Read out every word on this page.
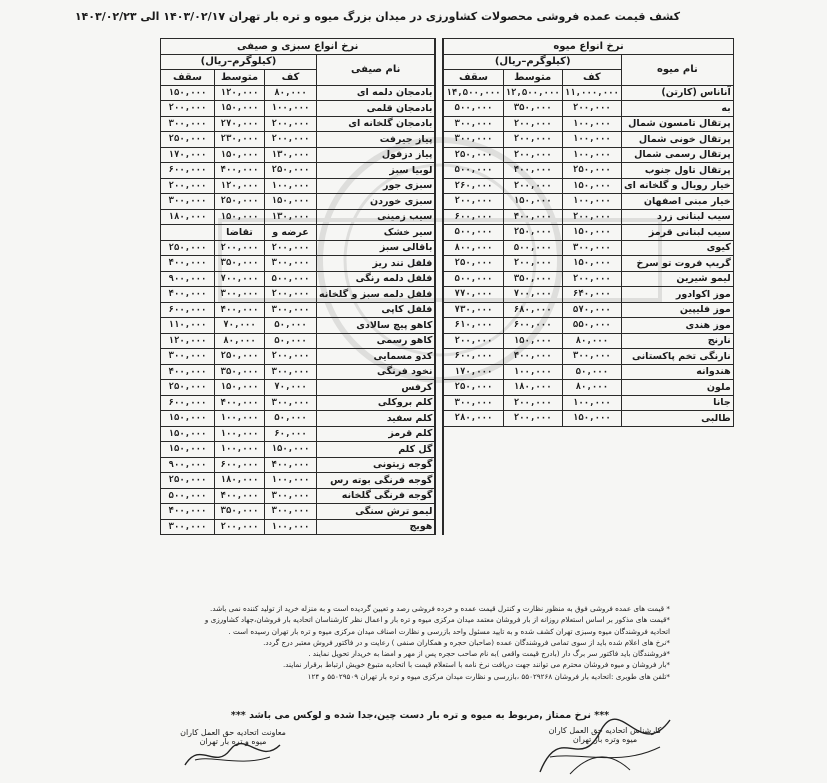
کشف قیمت عمده فروشی محصولات کشاورزی در میدان بزرگ میوه و تره بار تهران ۱۴۰۳/۰۲/۱۷ الی ۱۴۰۳/۰۲/۲۳
نرخ انواع میوه					نرخ انواع سبزی و صیفی			
نام میوه	(کیلوگرم–ریال)				نام صیفی	(کیلوگرم–ریال)		
	کف	متوسط	سقف			کف	متوسط	سقف
آناناس (کارتن)	۱۱,۰۰۰,۰۰۰	۱۲,۵۰۰,۰۰۰	۱۴,۵۰۰,۰۰۰		بادمجان دلمه ای	۸۰,۰۰۰	۱۲۰,۰۰۰	۱۵۰,۰۰۰
به	۲۰۰,۰۰۰	۳۵۰,۰۰۰	۵۰۰,۰۰۰		بادمجان قلمی	۱۰۰,۰۰۰	۱۵۰,۰۰۰	۲۰۰,۰۰۰
پرتقال تامسون شمال	۱۰۰,۰۰۰	۲۰۰,۰۰۰	۳۰۰,۰۰۰		بادمجان گلخانه ای	۲۰۰,۰۰۰	۲۷۰,۰۰۰	۳۰۰,۰۰۰
پرتقال خونی شمال	۱۰۰,۰۰۰	۲۰۰,۰۰۰	۳۰۰,۰۰۰		پیاز جیرفت	۲۰۰,۰۰۰	۲۳۰,۰۰۰	۲۵۰,۰۰۰
پرتقال رسمی شمال	۱۰۰,۰۰۰	۲۰۰,۰۰۰	۲۵۰,۰۰۰		پیاز دزفول	۱۳۰,۰۰۰	۱۵۰,۰۰۰	۱۷۰,۰۰۰
پرتقال تاول جنوب	۲۵۰,۰۰۰	۴۰۰,۰۰۰	۵۰۰,۰۰۰		لوبیا سبز	۲۵۰,۰۰۰	۴۰۰,۰۰۰	۶۰۰,۰۰۰
خیار رویال و گلخانه ای	۱۵۰,۰۰۰	۲۰۰,۰۰۰	۲۶۰,۰۰۰		سبزی جور	۱۰۰,۰۰۰	۱۲۰,۰۰۰	۲۰۰,۰۰۰
خیار مبنی اصفهان	۱۰۰,۰۰۰	۱۵۰,۰۰۰	۲۰۰,۰۰۰		سبزی خوردن	۱۵۰,۰۰۰	۲۵۰,۰۰۰	۳۰۰,۰۰۰
سیب لبنانی زرد	۲۰۰,۰۰۰	۴۰۰,۰۰۰	۶۰۰,۰۰۰		سیب زمینی	۱۳۰,۰۰۰	۱۵۰,۰۰۰	۱۸۰,۰۰۰
سیب لبنانی قرمز	۱۵۰,۰۰۰	۲۵۰,۰۰۰	۵۰۰,۰۰۰		سیر خشک	عرضه و	تقاضا	
کیوی	۳۰۰,۰۰۰	۵۰۰,۰۰۰	۸۰۰,۰۰۰		باقالی سبز	۲۰۰,۰۰۰	۲۰۰,۰۰۰	۲۵۰,۰۰۰
گریپ فروت تو سرخ	۱۵۰,۰۰۰	۲۰۰,۰۰۰	۲۵۰,۰۰۰		فلفل تند ریز	۳۰۰,۰۰۰	۳۵۰,۰۰۰	۴۰۰,۰۰۰
لیمو شیرین	۲۰۰,۰۰۰	۳۵۰,۰۰۰	۵۰۰,۰۰۰		فلفل دلمه رنگی	۵۰۰,۰۰۰	۷۰۰,۰۰۰	۹۰۰,۰۰۰
موز اکوادور	۶۴۰,۰۰۰	۷۰۰,۰۰۰	۷۷۰,۰۰۰		فلفل دلمه سبز و گلخانه	۲۰۰,۰۰۰	۳۰۰,۰۰۰	۴۰۰,۰۰۰
موز فلیپین	۵۷۰,۰۰۰	۶۸۰,۰۰۰	۷۳۰,۰۰۰		فلفل کاپی	۳۰۰,۰۰۰	۴۰۰,۰۰۰	۶۰۰,۰۰۰
موز هندی	۵۵۰,۰۰۰	۶۰۰,۰۰۰	۶۱۰,۰۰۰		کاهو پیچ سالادی	۵۰,۰۰۰	۷۰,۰۰۰	۱۱۰,۰۰۰
نارنج	۸۰,۰۰۰	۱۵۰,۰۰۰	۲۰۰,۰۰۰		کاهو رسمی	۵۰,۰۰۰	۸۰,۰۰۰	۱۲۰,۰۰۰
نارنگی تخم پاکستانی	۳۰۰,۰۰۰	۴۰۰,۰۰۰	۶۰۰,۰۰۰		کدو مسمایی	۲۰۰,۰۰۰	۲۵۰,۰۰۰	۳۰۰,۰۰۰
هندوانه	۵۰,۰۰۰	۱۰۰,۰۰۰	۱۷۰,۰۰۰		نخود فرنگی	۳۰۰,۰۰۰	۳۵۰,۰۰۰	۴۰۰,۰۰۰
ملون	۸۰,۰۰۰	۱۸۰,۰۰۰	۲۵۰,۰۰۰		کرفس	۷۰,۰۰۰	۱۵۰,۰۰۰	۲۵۰,۰۰۰
جانا	۱۰۰,۰۰۰	۲۰۰,۰۰۰	۳۰۰,۰۰۰		کلم بروکلی	۳۰۰,۰۰۰	۴۰۰,۰۰۰	۶۰۰,۰۰۰
طالبی	۱۵۰,۰۰۰	۲۰۰,۰۰۰	۲۸۰,۰۰۰		کلم سفید	۵۰,۰۰۰	۱۰۰,۰۰۰	۱۵۰,۰۰۰
					کلم قرمز	۶۰,۰۰۰	۱۰۰,۰۰۰	۱۵۰,۰۰۰
					گل کلم	۱۵۰,۰۰۰	۱۰۰,۰۰۰	۱۵۰,۰۰۰
					گوجه زیتونی	۴۰۰,۰۰۰	۶۰۰,۰۰۰	۹۰۰,۰۰۰
					گوجه فرنگی بوته رس	۱۰۰,۰۰۰	۱۸۰,۰۰۰	۲۵۰,۰۰۰
					گوجه فرنگی گلخانه	۳۰۰,۰۰۰	۴۰۰,۰۰۰	۵۰۰,۰۰۰
					لیمو ترش سنگی	۳۰۰,۰۰۰	۳۵۰,۰۰۰	۴۰۰,۰۰۰
					هویج	۱۰۰,۰۰۰	۲۰۰,۰۰۰	۳۰۰,۰۰۰
* قیمت های عمده فروشی فوق به منظور نظارت و کنترل قیمت عمده و خرده فروشی رصد و تعیین گردیده است و به منزله خرید از تولید کننده نمی باشد.
*قیمت های مذکور بر اساس استعلام روزانه از بار فروشان معتمد میدان مرکزی میوه و تره بار و اعمال نظر کارشناسان اتحادیه بار فروشان،جهاد کشاورزی و
اتحادیه فروشندگان میوه وسبزی تهران کشف شده و به تایید مسئول واحد بازرسی و نظارت اصناف میدان مرکزی میوه و تره بار تهران رسیده است .
*نرخ های اعلام شده باید از سوی تمامی فروشندگان عمده (صاحبان حجره و همکاران صنفی ) رعایت و در فاکتور فروش معتبر درج گردد.
*فروشندگان باید فاکتور سر برگ دار (بادرج قیمت واقعی )به نام صاحب حجره پس از مهر و امضا به خریدار تحویل نمایند .
*بار فروشان و میوه فروشان محترم می توانند جهت دریافت نرخ نامه با استعلام قیمت با اتحادیه متبوع خویش ارتباط برقرار نمایند.
*تلفن های طوبری :اتحادیه بار فروشان ۵۵۰۲۹۲۶۸ ،بازرسی و نظارت میدان مرکزی میوه و تره بار تهران ۵۵۰۲۹۵۰۹ و ۱۲۴
*** نرخ ممتاز ,مربوط به میوه و تره بار دست چین،جدا شده و لوکس می باشد ***
معاونت اتحادیه حق العمل کاران
میوه و تره بار تهران
کارشناس اتحادیه حق العمل کاران
میوه وتره بار تهران
